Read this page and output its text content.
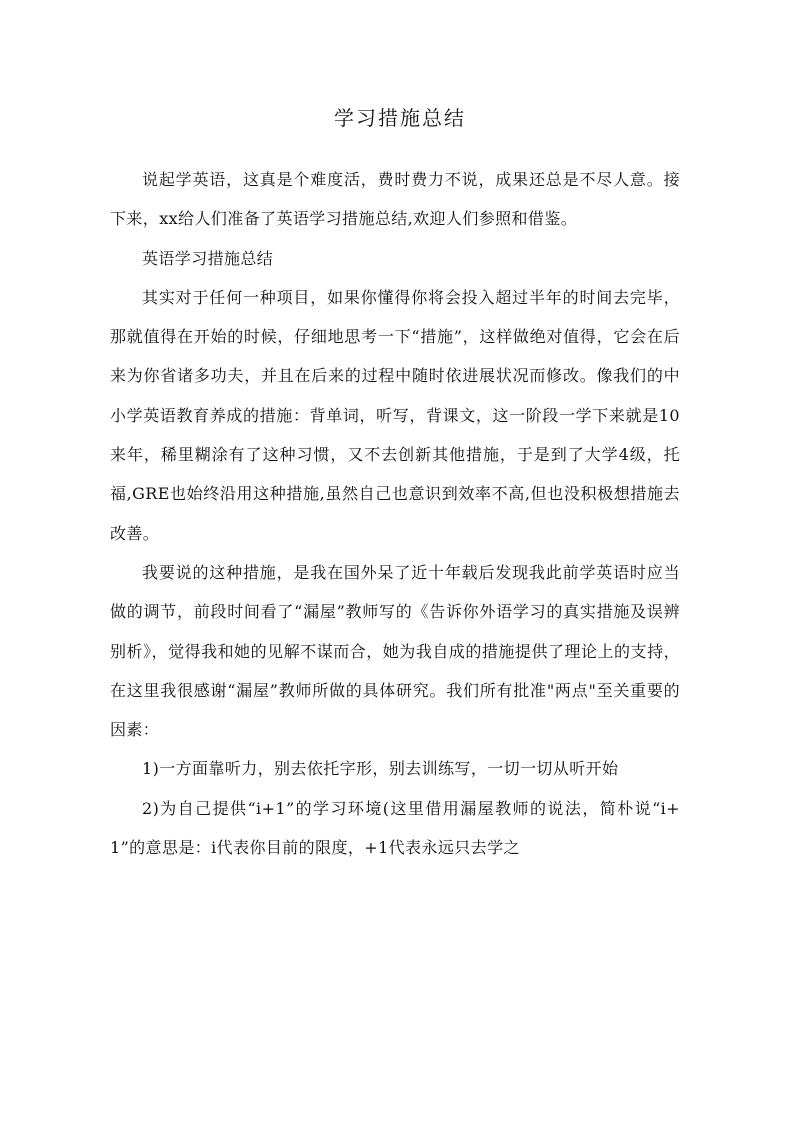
学习措施总结

说起学英语，这真是个难度活，费时费力不说，成果还总是不尽人意。接下来，xx给人们准备了英语学习措施总结,欢迎人们参照和借鉴。

英语学习措施总结

其实对于任何一种项目，如果你懂得你将会投入超过半年的时间去完毕，那就值得在开始的时候，仔细地思考一下“措施”，这样做绝对值得，它会在后来为你省诸多功夫，并且在后来的过程中随时依进展状况而修改。像我们的中小学英语教育养成的措施：背单词，听写，背课文，这一阶段一学下来就是10来年，稀里糊涂有了这种习惯，又不去创新其他措施，于是到了大学4级，托福,GRE也始终沿用这种措施,虽然自己也意识到效率不高,但也没积极想措施去改善。

我要说的这种措施，是我在国外呆了近十年载后发现我此前学英语时应当做的调节，前段时间看了“漏屋”教师写的《告诉你外语学习的真实措施及误辨别析》，觉得我和她的见解不谋而合，她为我自成的措施提供了理论上的支持，在这里我很感谢“漏屋”教师所做的具体研究。我们所有批准"两点"至关重要的因素：

1)一方面靠听力，别去依托字形，别去训练写，一切一切从听开始

2)为自己提供“i+1”的学习环境(这里借用漏屋教师的说法，简朴说“i+1”的意思是：i代表你目前的限度，+1代表永远只去学之
